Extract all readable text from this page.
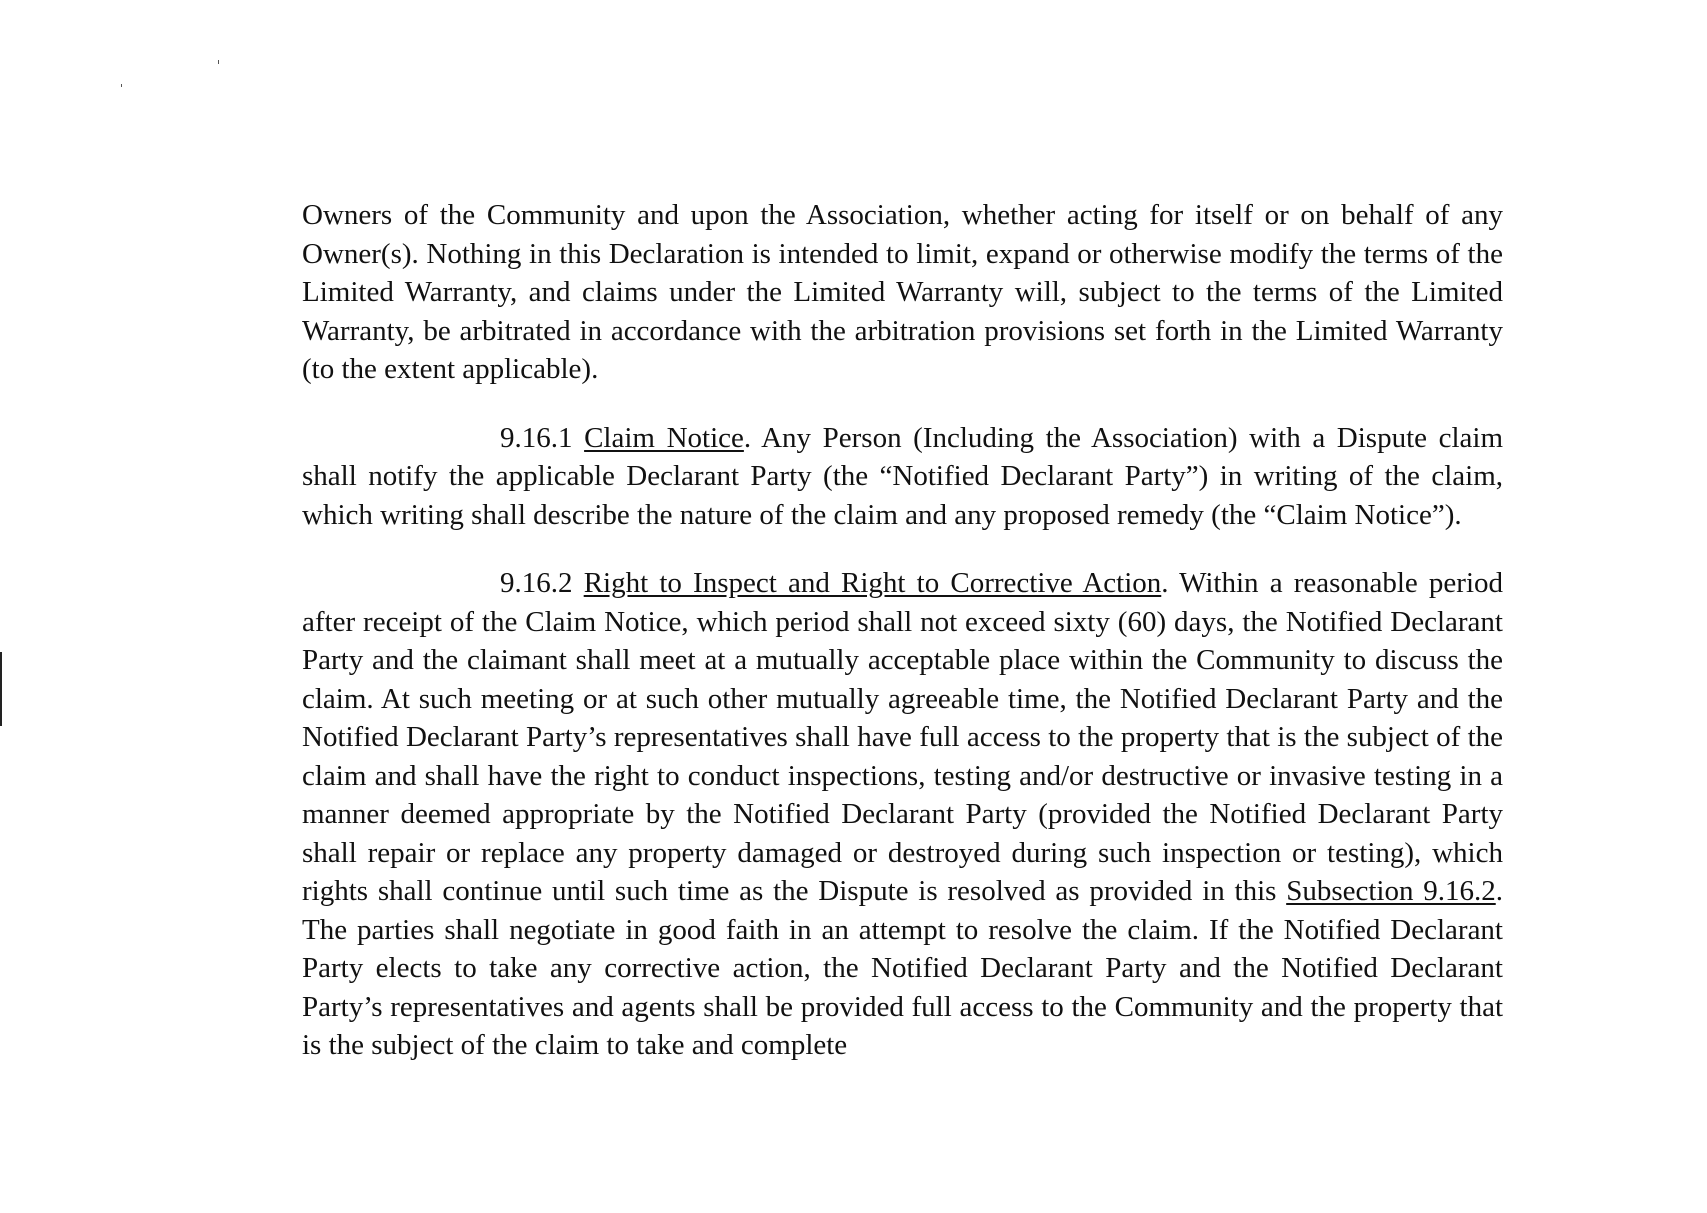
Owners of the Community and upon the Association, whether acting for itself or on behalf of any Owner(s). Nothing in this Declaration is intended to limit, expand or otherwise modify the terms of the Limited Warranty, and claims under the Limited Warranty will, subject to the terms of the Limited Warranty, be arbitrated in accordance with the arbitration provisions set forth in the Limited Warranty (to the extent applicable).

9.16.1 Claim Notice. Any Person (Including the Association) with a Dispute claim shall notify the applicable Declarant Party (the “Notified Declarant Party”) in writing of the claim, which writing shall describe the nature of the claim and any proposed remedy (the “Claim Notice”).

9.16.2 Right to Inspect and Right to Corrective Action. Within a reasonable period after receipt of the Claim Notice, which period shall not exceed sixty (60) days, the Notified Declarant Party and the claimant shall meet at a mutually acceptable place within the Community to discuss the claim. At such meeting or at such other mutually agreeable time, the Notified Declarant Party and the Notified Declarant Party’s representatives shall have full access to the property that is the subject of the claim and shall have the right to conduct inspections, testing and/or destructive or invasive testing in a manner deemed appropriate by the Notified Declarant Party (provided the Notified Declarant Party shall repair or replace any property damaged or destroyed during such inspection or testing), which rights shall continue until such time as the Dispute is resolved as provided in this Subsection 9.16.2. The parties shall negotiate in good faith in an attempt to resolve the claim. If the Notified Declarant Party elects to take any corrective action, the Notified Declarant Party and the Notified Declarant Party’s representatives and agents shall be provided full access to the Community and the property that is the subject of the claim to take and complete
